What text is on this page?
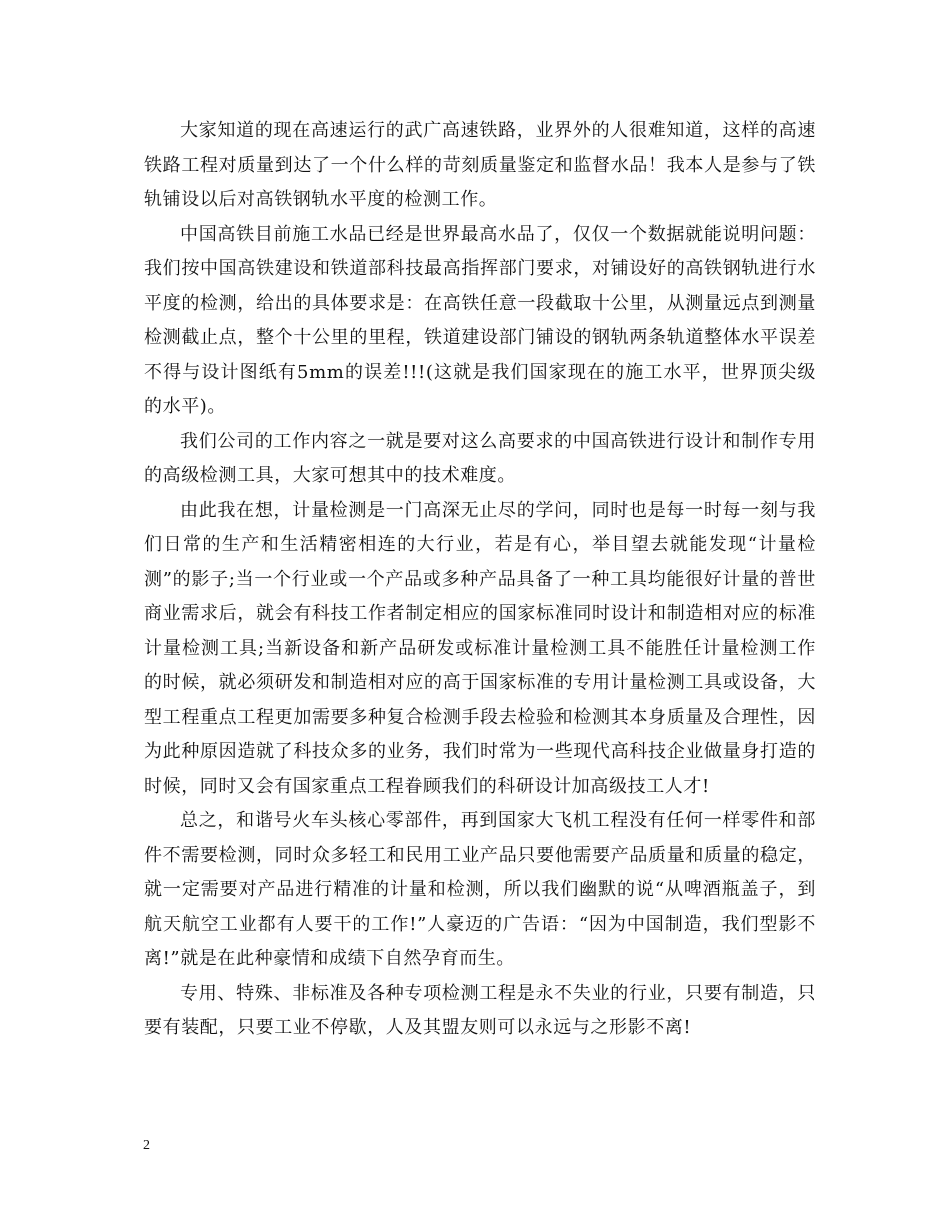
大家知道的现在高速运行的武广高速铁路，业界外的人很难知道，这样的高速铁路工程对质量到达了一个什么样的苛刻质量鉴定和监督水品！我本人是参与了铁轨铺设以后对高铁钢轨水平度的检测工作。

中国高铁目前施工水品已经是世界最高水品了，仅仅一个数据就能说明问题：我们按中国高铁建设和铁道部科技最高指挥部门要求，对铺设好的高铁钢轨进行水平度的检测，给出的具体要求是：在高铁任意一段截取十公里，从测量远点到测量检测截止点，整个十公里的里程，铁道建设部门铺设的钢轨两条轨道整体水平误差不得与设计图纸有5mm的误差!!!(这就是我们国家现在的施工水平，世界顶尖级的水平)。

我们公司的工作内容之一就是要对这么高要求的中国高铁进行设计和制作专用的高级检测工具，大家可想其中的技术难度。

由此我在想，计量检测是一门高深无止尽的学问，同时也是每一时每一刻与我们日常的生产和生活精密相连的大行业，若是有心，举目望去就能发现“计量检测”的影子;当一个行业或一个产品或多种产品具备了一种工具均能很好计量的普世商业需求后，就会有科技工作者制定相应的国家标准同时设计和制造相对应的标准计量检测工具;当新设备和新产品研发或标准计量检测工具不能胜任计量检测工作的时候，就必须研发和制造相对应的高于国家标准的专用计量检测工具或设备，大型工程重点工程更加需要多种复合检测手段去检验和检测其本身质量及合理性，因为此种原因造就了科技众多的业务，我们时常为一些现代高科技企业做量身打造的时候，同时又会有国家重点工程眷顾我们的科研设计加高级技工人才!

总之，和谐号火车头核心零部件，再到国家大飞机工程没有任何一样零件和部件不需要检测，同时众多轻工和民用工业产品只要他需要产品质量和质量的稳定，就一定需要对产品进行精准的计量和检测，所以我们幽默的说“从啤酒瓶盖子，到航天航空工业都有人要干的工作!”人豪迈的广告语：“因为中国制造，我们型影不离!”就是在此种豪情和成绩下自然孕育而生。

专用、特殊、非标准及各种专项检测工程是永不失业的行业，只要有制造，只要有装配，只要工业不停歇，人及其盟友则可以永远与之形影不离!

2
